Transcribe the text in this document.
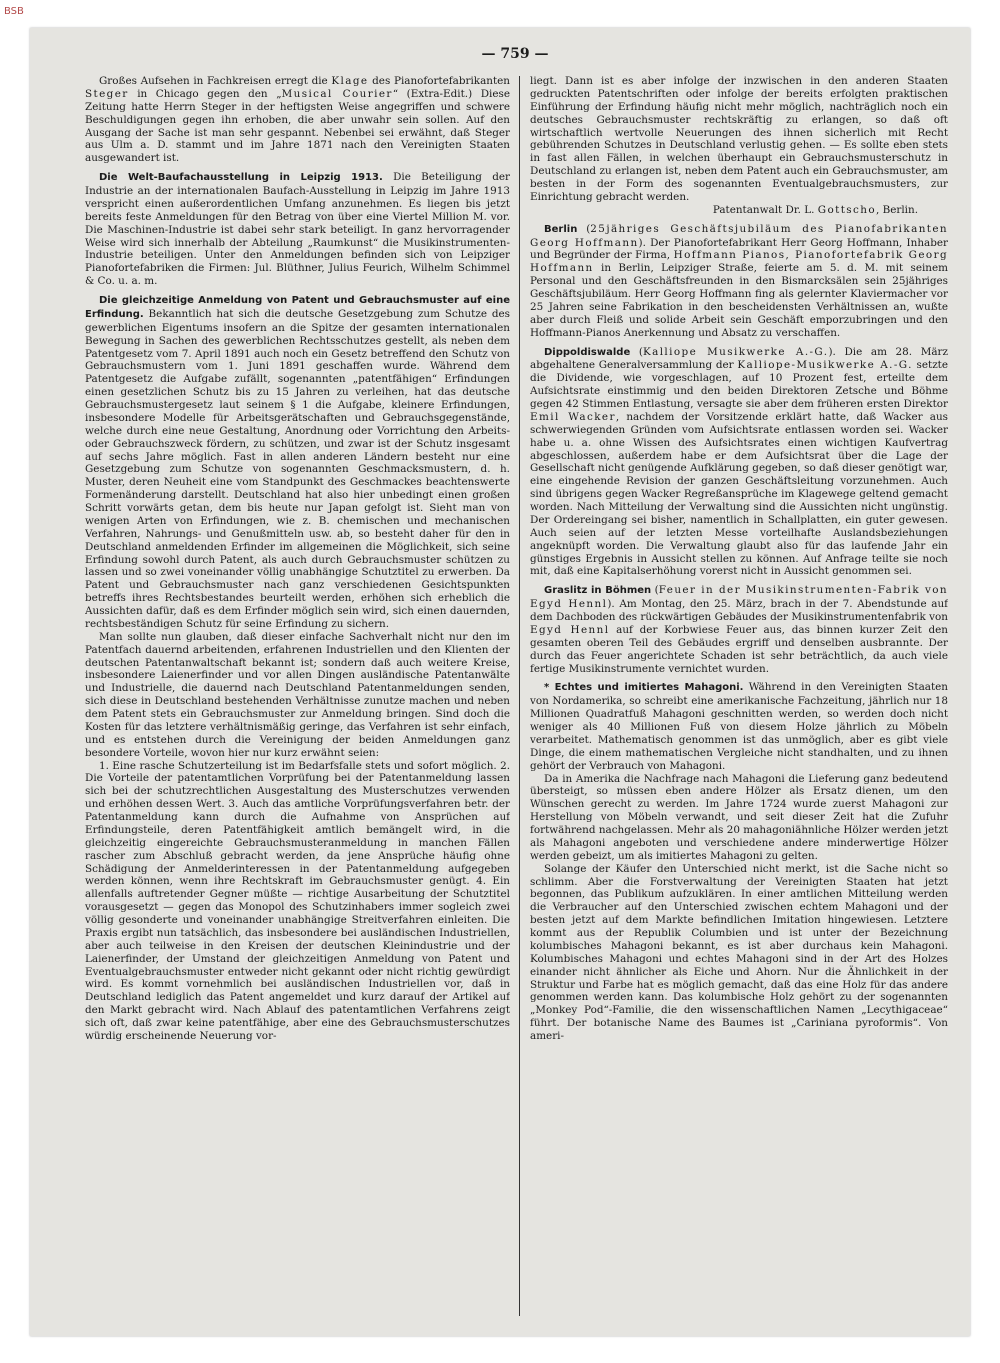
BSB
— 759 —

Großes Aufsehen in Fachkreisen erregt die Klage des Pianofortefabrikanten Steger in Chicago gegen den „Musical Courier“ (Extra-Edit.) Diese Zeitung hatte Herrn Steger in der heftigsten Weise angegriffen und schwere Beschuldigungen gegen ihn erhoben, die aber unwahr sein sollen. Auf den Ausgang der Sache ist man sehr gespannt. Nebenbei sei erwähnt, daß Steger aus Ulm a. D. stammt und im Jahre 1871 nach den Vereinigten Staaten ausgewandert ist.

Die Welt-Baufachausstellung in Leipzig 1913. Die Beteiligung der Industrie an der internationalen Baufach-Ausstellung in Leipzig im Jahre 1913 verspricht einen außerordentlichen Umfang anzunehmen. Es liegen bis jetzt bereits feste Anmeldungen für den Betrag von über eine Viertel Million M. vor. Die Maschinen-Industrie ist dabei sehr stark beteiligt. In ganz hervorragender Weise wird sich innerhalb der Abteilung „Raumkunst“ die Musikinstrumenten-Industrie beteiligen. Unter den Anmeldungen befinden sich von Leipziger Pianofortefabriken die Firmen: Jul. Blüthner, Julius Feurich, Wilhelm Schimmel & Co. u. a. m.

Die gleichzeitige Anmeldung von Patent und Gebrauchsmuster auf eine Erfindung. Bekanntlich hat sich die deutsche Gesetzgebung zum Schutze des gewerblichen Eigentums insofern an die Spitze der gesamten internationalen Bewegung in Sachen des gewerblichen Rechtsschutzes gestellt, als neben dem Patentgesetz vom 7. April 1891 auch noch ein Gesetz betreffend den Schutz von Gebrauchsmustern vom 1. Juni 1891 geschaffen wurde. Während dem Patentgesetz die Aufgabe zufällt, sogenannten „patentfähigen“ Erfindungen einen gesetzlichen Schutz bis zu 15 Jahren zu verleihen, hat das deutsche Gebrauchsmustergesetz laut seinem § 1 die Aufgabe, kleinere Erfindungen, insbesondere Modelle für Arbeitsgerätschaften und Gebrauchsgegenstände, welche durch eine neue Gestaltung, Anordnung oder Vorrichtung den Arbeits- oder Gebrauchszweck fördern, zu schützen, und zwar ist der Schutz insgesamt auf sechs Jahre möglich. Fast in allen anderen Ländern besteht nur eine Gesetzgebung zum Schutze von sogenannten Geschmacksmustern, d. h. Muster, deren Neuheit eine vom Standpunkt des Geschmackes beachtenswerte Formenänderung darstellt. Deutschland hat also hier unbedingt einen großen Schritt vorwärts getan, dem bis heute nur Japan gefolgt ist. Sieht man von wenigen Arten von Erfindungen, wie z. B. chemischen und mechanischen Verfahren, Nahrungs- und Genußmitteln usw. ab, so besteht daher für den in Deutschland anmeldenden Erfinder im allgemeinen die Möglichkeit, sich seine Erfindung sowohl durch Patent, als auch durch Gebrauchsmuster schützen zu lassen und so zwei voneinander völlig unabhängige Schutztitel zu erwerben. Da Patent und Gebrauchsmuster nach ganz verschiedenen Gesichtspunkten betreffs ihres Rechtsbestandes beurteilt werden, erhöhen sich erheblich die Aussichten dafür, daß es dem Erfinder möglich sein wird, sich einen dauernden, rechtsbeständigen Schutz für seine Erfindung zu sichern.

Man sollte nun glauben, daß dieser einfache Sachverhalt nicht nur den im Patentfach dauernd arbeitenden, erfahrenen Industriellen und den Klienten der deutschen Patentanwaltschaft bekannt ist; sondern daß auch weitere Kreise, insbesondere Laienerfinder und vor allen Dingen ausländische Patentanwälte und Industrielle, die dauernd nach Deutschland Patentanmeldungen senden, sich diese in Deutschland bestehenden Verhältnisse zunutze machen und neben dem Patent stets ein Gebrauchsmuster zur Anmeldung bringen. Sind doch die Kosten für das letztere verhältnismäßig geringe, das Verfahren ist sehr einfach, und es entstehen durch die Vereinigung der beiden Anmeldungen ganz besondere Vorteile, wovon hier nur kurz erwähnt seien:

1. Eine rasche Schutzerteilung ist im Bedarfsfalle stets und sofort möglich. 2. Die Vorteile der patentamtlichen Vorprüfung bei der Patentanmeldung lassen sich bei der schutzrechtlichen Ausgestaltung des Musterschutzes verwenden und erhöhen dessen Wert. 3. Auch das amtliche Vorprüfungsverfahren betr. der Patentanmeldung kann durch die Aufnahme von Ansprüchen auf Erfindungsteile, deren Patentfähigkeit amtlich bemängelt wird, in die gleichzeitig eingereichte Gebrauchsmusteranmeldung in manchen Fällen rascher zum Abschluß gebracht werden, da jene Ansprüche häufig ohne Schädigung der Anmelderinteressen in der Patentanmeldung aufgegeben werden können, wenn ihre Rechtskraft im Gebrauchsmuster genügt. 4. Ein allenfalls auftretender Gegner müßte — richtige Ausarbeitung der Schutztitel vorausgesetzt — gegen das Monopol des Schutzinhabers immer sogleich zwei völlig gesonderte und voneinander unabhängige Streitverfahren einleiten. Die Praxis ergibt nun tatsächlich, das insbesondere bei ausländischen Industriellen, aber auch teilweise in den Kreisen der deutschen Kleinindustrie und der Laienerfinder, der Umstand der gleichzeitigen Anmeldung von Patent und Eventualgebrauchsmuster entweder nicht gekannt oder nicht richtig gewürdigt wird. Es kommt vornehmlich bei ausländischen Industriellen vor, daß in Deutschland lediglich das Patent angemeldet und kurz darauf der Artikel auf den Markt gebracht wird. Nach Ablauf des patentamtlichen Verfahrens zeigt sich oft, daß zwar keine patentfähige, aber eine des Gebrauchsmusterschutzes würdig erscheinende Neuerung vor-

liegt. Dann ist es aber infolge der inzwischen in den anderen Staaten gedruckten Patentschriften oder infolge der bereits erfolgten praktischen Einführung der Erfindung häufig nicht mehr möglich, nachträglich noch ein deutsches Gebrauchsmuster rechtskräftig zu erlangen, so daß oft wirtschaftlich wertvolle Neuerungen des ihnen sicherlich mit Recht gebührenden Schutzes in Deutschland verlustig gehen. — Es sollte eben stets in fast allen Fällen, in welchen überhaupt ein Gebrauchsmusterschutz in Deutschland zu erlangen ist, neben dem Patent auch ein Gebrauchsmuster, am besten in der Form des sogenannten Eventualgebrauchsmusters, zur Einrichtung gebracht werden.

Patentanwalt Dr. L. Gottscho, Berlin.

Berlin (25jähriges Geschäftsjubiläum des Pianofabrikanten Georg Hoffmann). Der Pianofortefabrikant Herr Georg Hoffmann, Inhaber und Begründer der Firma, Hoffmann Pianos, Pianofortefabrik Georg Hoffmann in Berlin, Leipziger Straße, feierte am 5. d. M. mit seinem Personal und den Geschäftsfreunden in den Bismarcksälen sein 25jähriges Geschäftsjubiläum. Herr Georg Hoffmann fing als gelernter Klaviermacher vor 25 Jahren seine Fabrikation in den bescheidensten Verhältnissen an, wußte aber durch Fleiß und solide Arbeit sein Geschäft emporzubringen und den Hoffmann-Pianos Anerkennung und Absatz zu verschaffen.

Dippoldiswalde (Kalliope Musikwerke A.-G.). Die am 28. März abgehaltene Generalversammlung der Kalliope-Musikwerke A.-G. setzte die Dividende, wie vorgeschlagen, auf 10 Prozent fest, erteilte dem Aufsichtsrate einstimmig und den beiden Direktoren Zetsche und Böhme gegen 42 Stimmen Entlastung, versagte sie aber dem früheren ersten Direktor Emil Wacker, nachdem der Vorsitzende erklärt hatte, daß Wacker aus schwerwiegenden Gründen vom Aufsichtsrate entlassen worden sei. Wacker habe u. a. ohne Wissen des Aufsichtsrates einen wichtigen Kaufvertrag abgeschlossen, außerdem habe er dem Aufsichtsrat über die Lage der Gesellschaft nicht genügende Aufklärung gegeben, so daß dieser genötigt war, eine eingehende Revision der ganzen Geschäftsleitung vorzunehmen. Auch sind übrigens gegen Wacker Regreßansprüche im Klagewege geltend gemacht worden. Nach Mitteilung der Verwaltung sind die Aussichten nicht ungünstig. Der Ordereingang sei bisher, namentlich in Schallplatten, ein guter gewesen. Auch seien auf der letzten Messe vorteilhafte Auslandsbeziehungen angeknüpft worden. Die Verwaltung glaubt also für das laufende Jahr ein günstiges Ergebnis in Aussicht stellen zu können. Auf Anfrage teilte sie noch mit, daß eine Kapitalserhöhung vorerst nicht in Aussicht genommen sei.

Graslitz in Böhmen (Feuer in der Musikinstrumenten-Fabrik von Egyd Hennl). Am Montag, den 25. März, brach in der 7. Abendstunde auf dem Dachboden des rückwärtigen Gebäudes der Musikinstrumentenfabrik von Egyd Hennl auf der Korbwiese Feuer aus, das binnen kurzer Zeit den gesamten oberen Teil des Gebäudes ergriff und denselben ausbrannte. Der durch das Feuer angerichtete Schaden ist sehr beträchtlich, da auch viele fertige Musikinstrumente vernichtet wurden.

* Echtes und imitiertes Mahagoni. Während in den Vereinigten Staaten von Nordamerika, so schreibt eine amerikanische Fachzeitung, jährlich nur 18 Millionen Quadratfuß Mahagoni geschnitten werden, so werden doch nicht weniger als 40 Millionen Fuß von diesem Holze jährlich zu Möbeln verarbeitet. Mathematisch genommen ist das unmöglich, aber es gibt viele Dinge, die einem mathematischen Vergleiche nicht standhalten, und zu ihnen gehört der Verbrauch von Mahagoni.

Da in Amerika die Nachfrage nach Mahagoni die Lieferung ganz bedeutend übersteigt, so müssen eben andere Hölzer als Ersatz dienen, um den Wünschen gerecht zu werden. Im Jahre 1724 wurde zuerst Mahagoni zur Herstellung von Möbeln verwandt, und seit dieser Zeit hat die Zufuhr fortwährend nachgelassen. Mehr als 20 mahagoniähnliche Hölzer werden jetzt als Mahagoni angeboten und verschiedene andere minderwertige Hölzer werden gebeizt, um als imitiertes Mahagoni zu gelten.

Solange der Käufer den Unterschied nicht merkt, ist die Sache nicht so schlimm. Aber die Forstverwaltung der Vereinigten Staaten hat jetzt begonnen, das Publikum aufzuklären. In einer amtlichen Mitteilung werden die Verbraucher auf den Unterschied zwischen echtem Mahagoni und der besten jetzt auf dem Markte befindlichen Imitation hingewiesen. Letztere kommt aus der Republik Columbien und ist unter der Bezeichnung kolumbisches Mahagoni bekannt, es ist aber durchaus kein Mahagoni. Kolumbisches Mahagoni und echtes Mahagoni sind in der Art des Holzes einander nicht ähnlicher als Eiche und Ahorn. Nur die Ähnlichkeit in der Struktur und Farbe hat es möglich gemacht, daß das eine Holz für das andere genommen werden kann. Das kolumbische Holz gehört zu der sogenannten „Monkey Pod“-Familie, die den wissenschaftlichen Namen „Lecythigaceae“ führt. Der botanische Name des Baumes ist „Cariniana pyroformis“. Von ameri-
